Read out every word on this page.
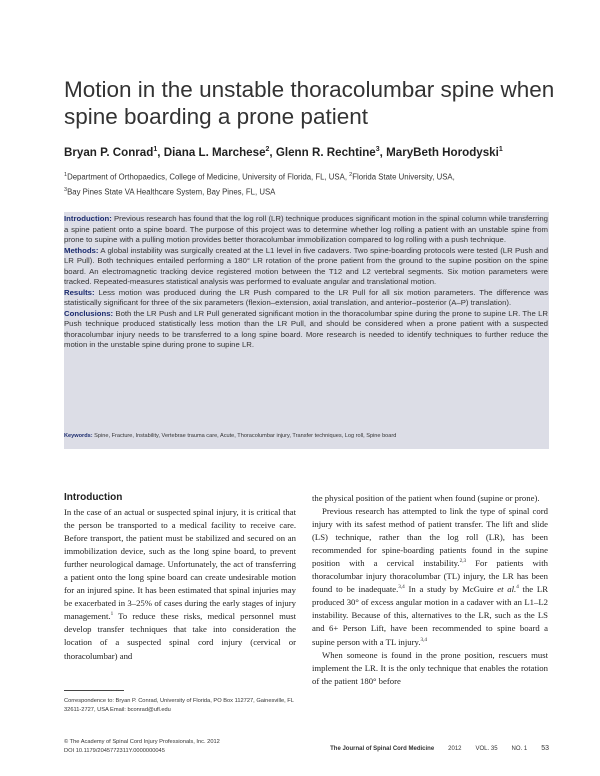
Motion in the unstable thoracolumbar spine when spine boarding a prone patient
Bryan P. Conrad$^1$, Diana L. Marchese$^2$, Glenn R. Rechtine$^3$, MaryBeth Horodyski$^1$
$^1$Department of Orthopaedics, College of Medicine, University of Florida, FL, USA, $^2$Florida State University, USA,
$^3$Bay Pines State VA Healthcare System, Bay Pines, FL, USA

Introduction: Previous research has found that the log roll (LR) technique produces significant motion in the spinal column while transferring a spine patient onto a spine board. The purpose of this project was to determine whether log rolling a patient with an unstable spine from prone to supine with a pulling motion provides better thoracolumbar immobilization compared to log rolling with a push technique.

Methods: A global instability was surgically created at the L1 level in five cadavers. Two spine-boarding protocols were tested (LR Push and LR Pull). Both techniques entailed performing a 180° LR rotation of the prone patient from the ground to the supine position on the spine board. An electromagnetic tracking device registered motion between the T12 and L2 vertebral segments. Six motion parameters were tracked. Repeated-measures statistical analysis was performed to evaluate angular and translational motion.

Results: Less motion was produced during the LR Push compared to the LR Pull for all six motion parameters. The difference was statistically significant for three of the six parameters (flexion–extension, axial translation, and anterior–posterior (A–P) translation).

Conclusions: Both the LR Push and LR Pull generated significant motion in the thoracolumbar spine during the prone to supine LR. The LR Push technique produced statistically less motion than the LR Pull, and should be considered when a prone patient with a suspected thoracolumbar injury needs to be transferred to a long spine board. More research is needed to identify techniques to further reduce the motion in the unstable spine during prone to supine LR.

Keywords: Spine, Fracture, Instability, Vertebrae trauma care, Acute, Thoracolumbar injury, Transfer techniques, Log roll, Spine board
Introduction

In the case of an actual or suspected spinal injury, it is critical that the person be transported to a medical facility to receive care. Before transport, the patient must be stabilized and secured on an immobilization device, such as the long spine board, to prevent further neurological damage. Unfortunately, the act of transferring a patient onto the long spine board can create undesirable motion for an injured spine. It has been estimated that spinal injuries may be exacerbated in 3–25% of cases during the early stages of injury management.$^1$ To reduce these risks, medical personnel must develop transfer techniques that take into consideration the location of a suspected spinal cord injury (cervical or thoracolumbar) and

the physical position of the patient when found (supine or prone).

Previous research has attempted to link the type of spinal cord injury with its safest method of patient transfer. The lift and slide (LS) technique, rather than the log roll (LR), has been recommended for spine-boarding patients found in the supine position with a cervical instability.$^{2,3}$ For patients with thoracolumbar injury thoracolumbar (TL) injury, the LR has been found to be inadequate.$^{3,4}$ In a study by McGuire et al.$^4$ the LR produced 30° of excess angular motion in a cadaver with an L1–L2 instability. Because of this, alternatives to the LR, such as the LS and 6+ Person Lift, have been recommended to spine board a supine person with a TL injury.$^{3,4}$

When someone is found in the prone position, rescuers must implement the LR. It is the only technique that enables the rotation of the patient 180° before

Correspondence to: Bryan P. Conrad, University of Florida, PO Box 112727, Gainesville, FL 32611-2727, USA Email: bconrad@ufl.edu
© The Academy of Spinal Cord Injury Professionals, Inc. 2012
DOI 10.1179/2045772311Y.0000000045	The Journal of Spinal Cord Medicine 2012 VOL. 35 NO. 1 53
